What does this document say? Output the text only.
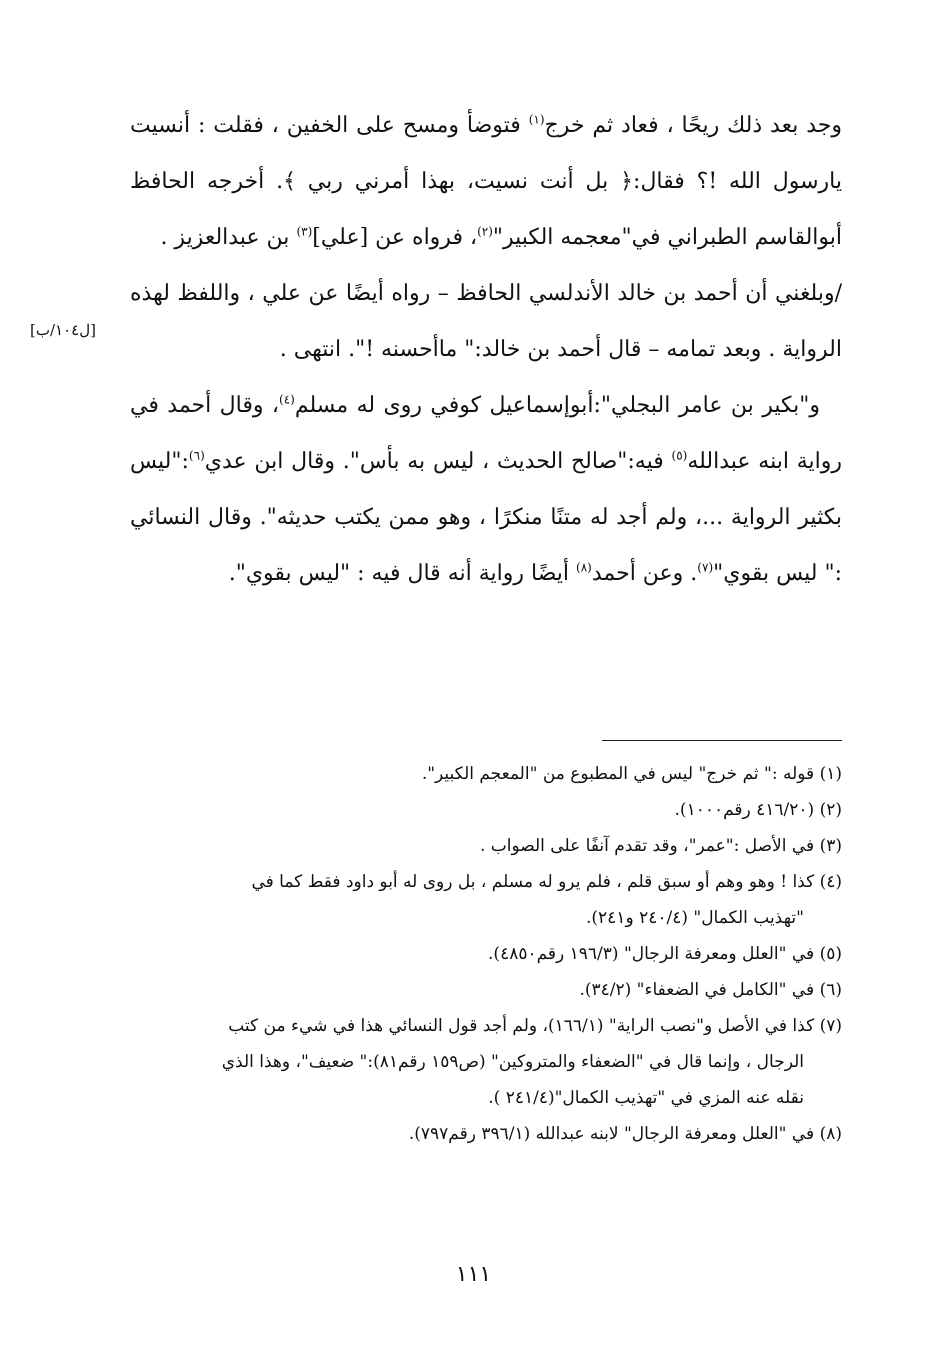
وجد بعد ذلك ريحًا ، فعاد ثم خرج$^{(١)}$ فتوضأ ومسح على الخفين ، فقلت : أنسيت يارسول الله !؟ فقال:﴿ بل أنت نسيت، بهذا أمرني ربي ﴾. أخرجه الحافظ أبوالقاسم الطبراني في"معجمه الكبير"$^{(٢)}$، فرواه عن [علي]$^{(٣)}$ بن عبدالعزيز .

/وبلغني أن أحمد بن خالد الأندلسي الحافظ – رواه أيضًا عن علي ، واللفظ لهذه الرواية . وبعد تمامه – قال أحمد بن خالد:" ماأحسنه !". انتهى .

و"بكير بن عامر البجلي":أبوإسماعيل كوفي روى له مسلم$^{(٤)}$، وقال أحمد في رواية ابنه عبدالله$^{(٥)}$ فيه:"صالح الحديث ، ليس به بأس". وقال ابن عدي$^{(٦)}$:"ليس بكثير الرواية ...، ولم أجد له متنًا منكرًا ، وهو ممن يكتب حديثه". وقال النسائي :" ليس بقوي"$^{(٧)}$. وعن أحمد$^{(٨)}$ أيضًا رواية أنه قال فيه : "ليس بقوي".

[ل١٠٤/ب]

(١) قوله :" ثم خرج" ليس في المطبوع من "المعجم الكبير".

(٢) (٤١٦/٢٠ رقم١٠٠٠).

(٣) في الأصل :"عمر"، وقد تقدم آنفًا على الصواب .

(٤) كذا ! وهو وهم أو سبق قلم ، فلم يرو له مسلم ، بل روى له أبو داود فقط كما في

"تهذيب الكمال" (٢٤٠/٤ و٢٤١).

(٥) في "العلل ومعرفة الرجال" (١٩٦/٣ رقم٤٨٥٠).

(٦) في "الكامل في الضعفاء" (٣٤/٢).

(٧) كذا في الأصل و"نصب الراية" (١٦٦/١)، ولم أجد قول النسائي هذا في شيء من كتب

الرجال ، وإنما قال في "الضعفاء والمتروكين" (ص١٥٩ رقم٨١):" ضعيف"، وهذا الذي

نقله عنه المزي في "تهذيب الكمال"(٢٤١/٤ ).

(٨) في "العلل ومعرفة الرجال" لابنه عبدالله (٣٩٦/١ رقم٧٩٧).

١١١
